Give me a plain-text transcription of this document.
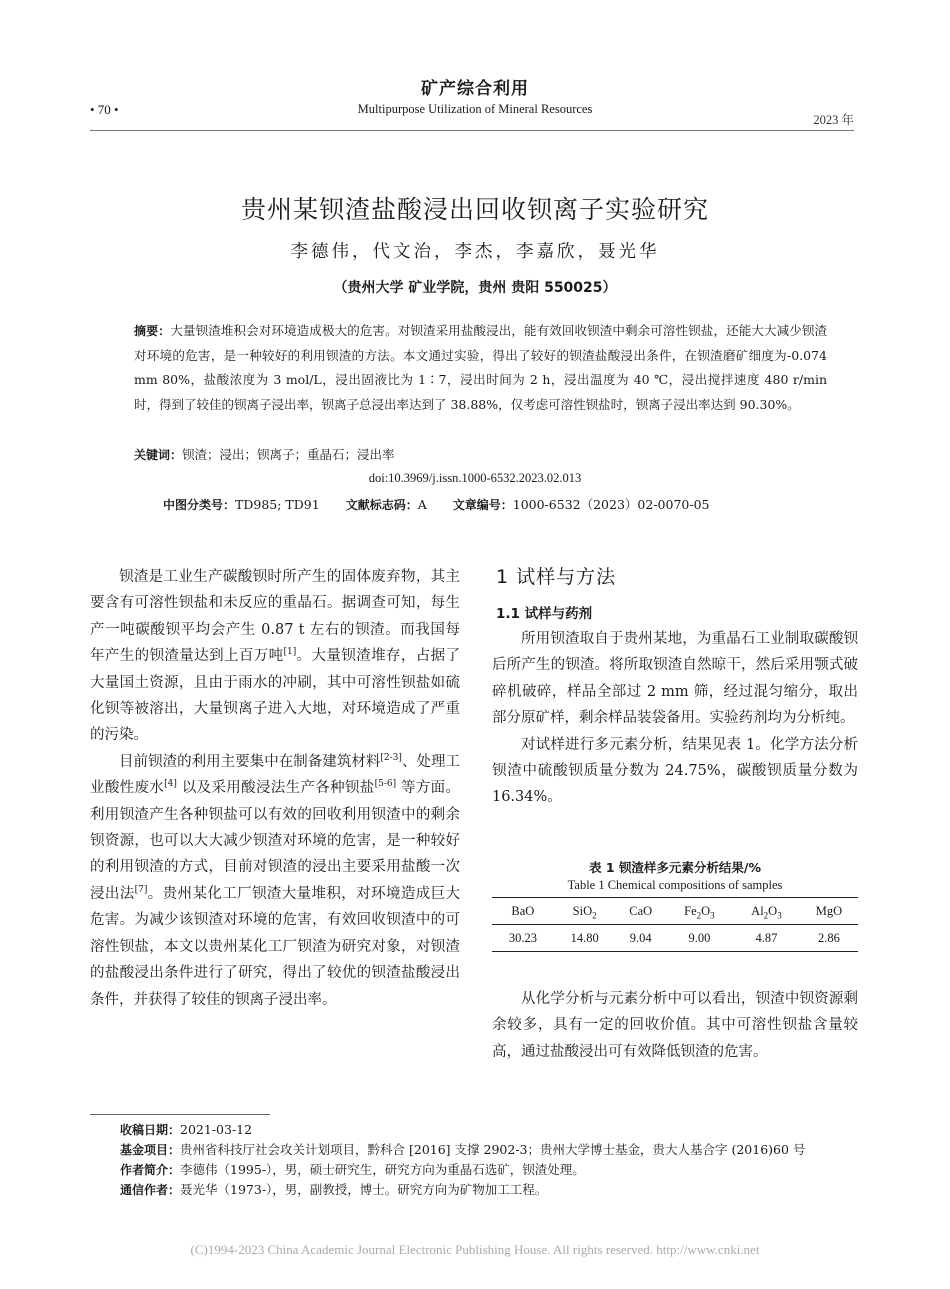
矿产综合利用
• 70 •	Multipurpose Utilization of Mineral Resources
2023 年
贵州某钡渣盐酸浸出回收钡离子实验研究
李德伟，代文治，李杰，李嘉欣，聂光华
（贵州大学 矿业学院，贵州 贵阳 550025）
摘要：大量钡渣堆积会对环境造成极大的危害。对钡渣采用盐酸浸出，能有效回收钡渣中剩余可溶性钡盐，还能大大减少钡渣对环境的危害，是一种较好的利用钡渣的方法。本文通过实验，得出了较好的钡渣盐酸浸出条件，在钡渣磨矿细度为-0.074 mm 80%，盐酸浓度为 3 mol/L，浸出固液比为 1∶7，浸出时间为 2 h，浸出温度为 40 ℃，浸出搅拌速度 480 r/min 时，得到了较佳的钡离子浸出率，钡离子总浸出率达到了 38.88%，仅考虑可溶性钡盐时，钡离子浸出率达到 90.30%。
关键词：钡渣；浸出；钡离子；重晶石；浸出率
doi:10.3969/j.issn.1000-6532.2023.02.013
中图分类号：TD985; TD91 文献标志码：A 文章编号：1000-6532（2023）02-0070-05

钡渣是工业生产碳酸钡时所产生的固体废弃物，其主要含有可溶性钡盐和未反应的重晶石。据调查可知，每生产一吨碳酸钡平均会产生 0.87 t 左右的钡渣。而我国每年产生的钡渣量达到上百万吨[1]。大量钡渣堆存，占据了大量国土资源，且由于雨水的冲刷，其中可溶性钡盐如硫化钡等被溶出，大量钡离子进入大地，对环境造成了严重的污染。

目前钡渣的利用主要集中在制备建筑材料[2-3]、处理工业酸性废水[4] 以及采用酸浸法生产各种钡盐[5-6] 等方面。利用钡渣产生各种钡盐可以有效的回收利用钡渣中的剩余钡资源，也可以大大减少钡渣对环境的危害，是一种较好的利用钡渣的方式，目前对钡渣的浸出主要采用盐酸一次浸出法[7]。贵州某化工厂钡渣大量堆积，对环境造成巨大危害。为减少该钡渣对环境的危害，有效回收钡渣中的可溶性钡盐，本文以贵州某化工厂钡渣为研究对象，对钡渣的盐酸浸出条件进行了研究，得出了较优的钡渣盐酸浸出条件，并获得了较佳的钡离子浸出率。

1 试样与方法
1.1 试样与药剂

所用钡渣取自于贵州某地，为重晶石工业制取碳酸钡后所产生的钡渣。将所取钡渣自然晾干，然后采用颚式破碎机破碎，样品全部过 2 mm 筛，经过混匀缩分，取出部分原矿样，剩余样品装袋备用。实验药剂均为分析纯。

对试样进行多元素分析，结果见表 1。化学方法分析钡渣中硫酸钡质量分数为 24.75%，碳酸钡质量分数为 16.34%。

表 1 钡渣样多元素分析结果/%
Table 1 Chemical compositions of samples
BaO	SiO$_2$	CaO	$Fe_2O_3$	$Al_2O_3$	MgO
30.23	14.80	9.04	9.00	4.87	2.86

从化学分析与元素分析中可以看出，钡渣中钡资源剩余较多，具有一定的回收价值。其中可溶性钡盐含量较高，通过盐酸浸出可有效降低钡渣的危害。

收稿日期：2021-03-12
基金项目：贵州省科技厅社会攻关计划项目，黔科合 [2016] 支撑 2902-3；贵州大学博士基金，贵大人基合字 (2016)60 号
作者简介：李德伟（1995-），男，硕士研究生，研究方向为重晶石选矿，钡渣处理。
通信作者：聂光华（1973-），男，副教授，博士。研究方向为矿物加工工程。
(C)1994-2023 China Academic Journal Electronic Publishing House. All rights reserved. http://www.cnki.net
